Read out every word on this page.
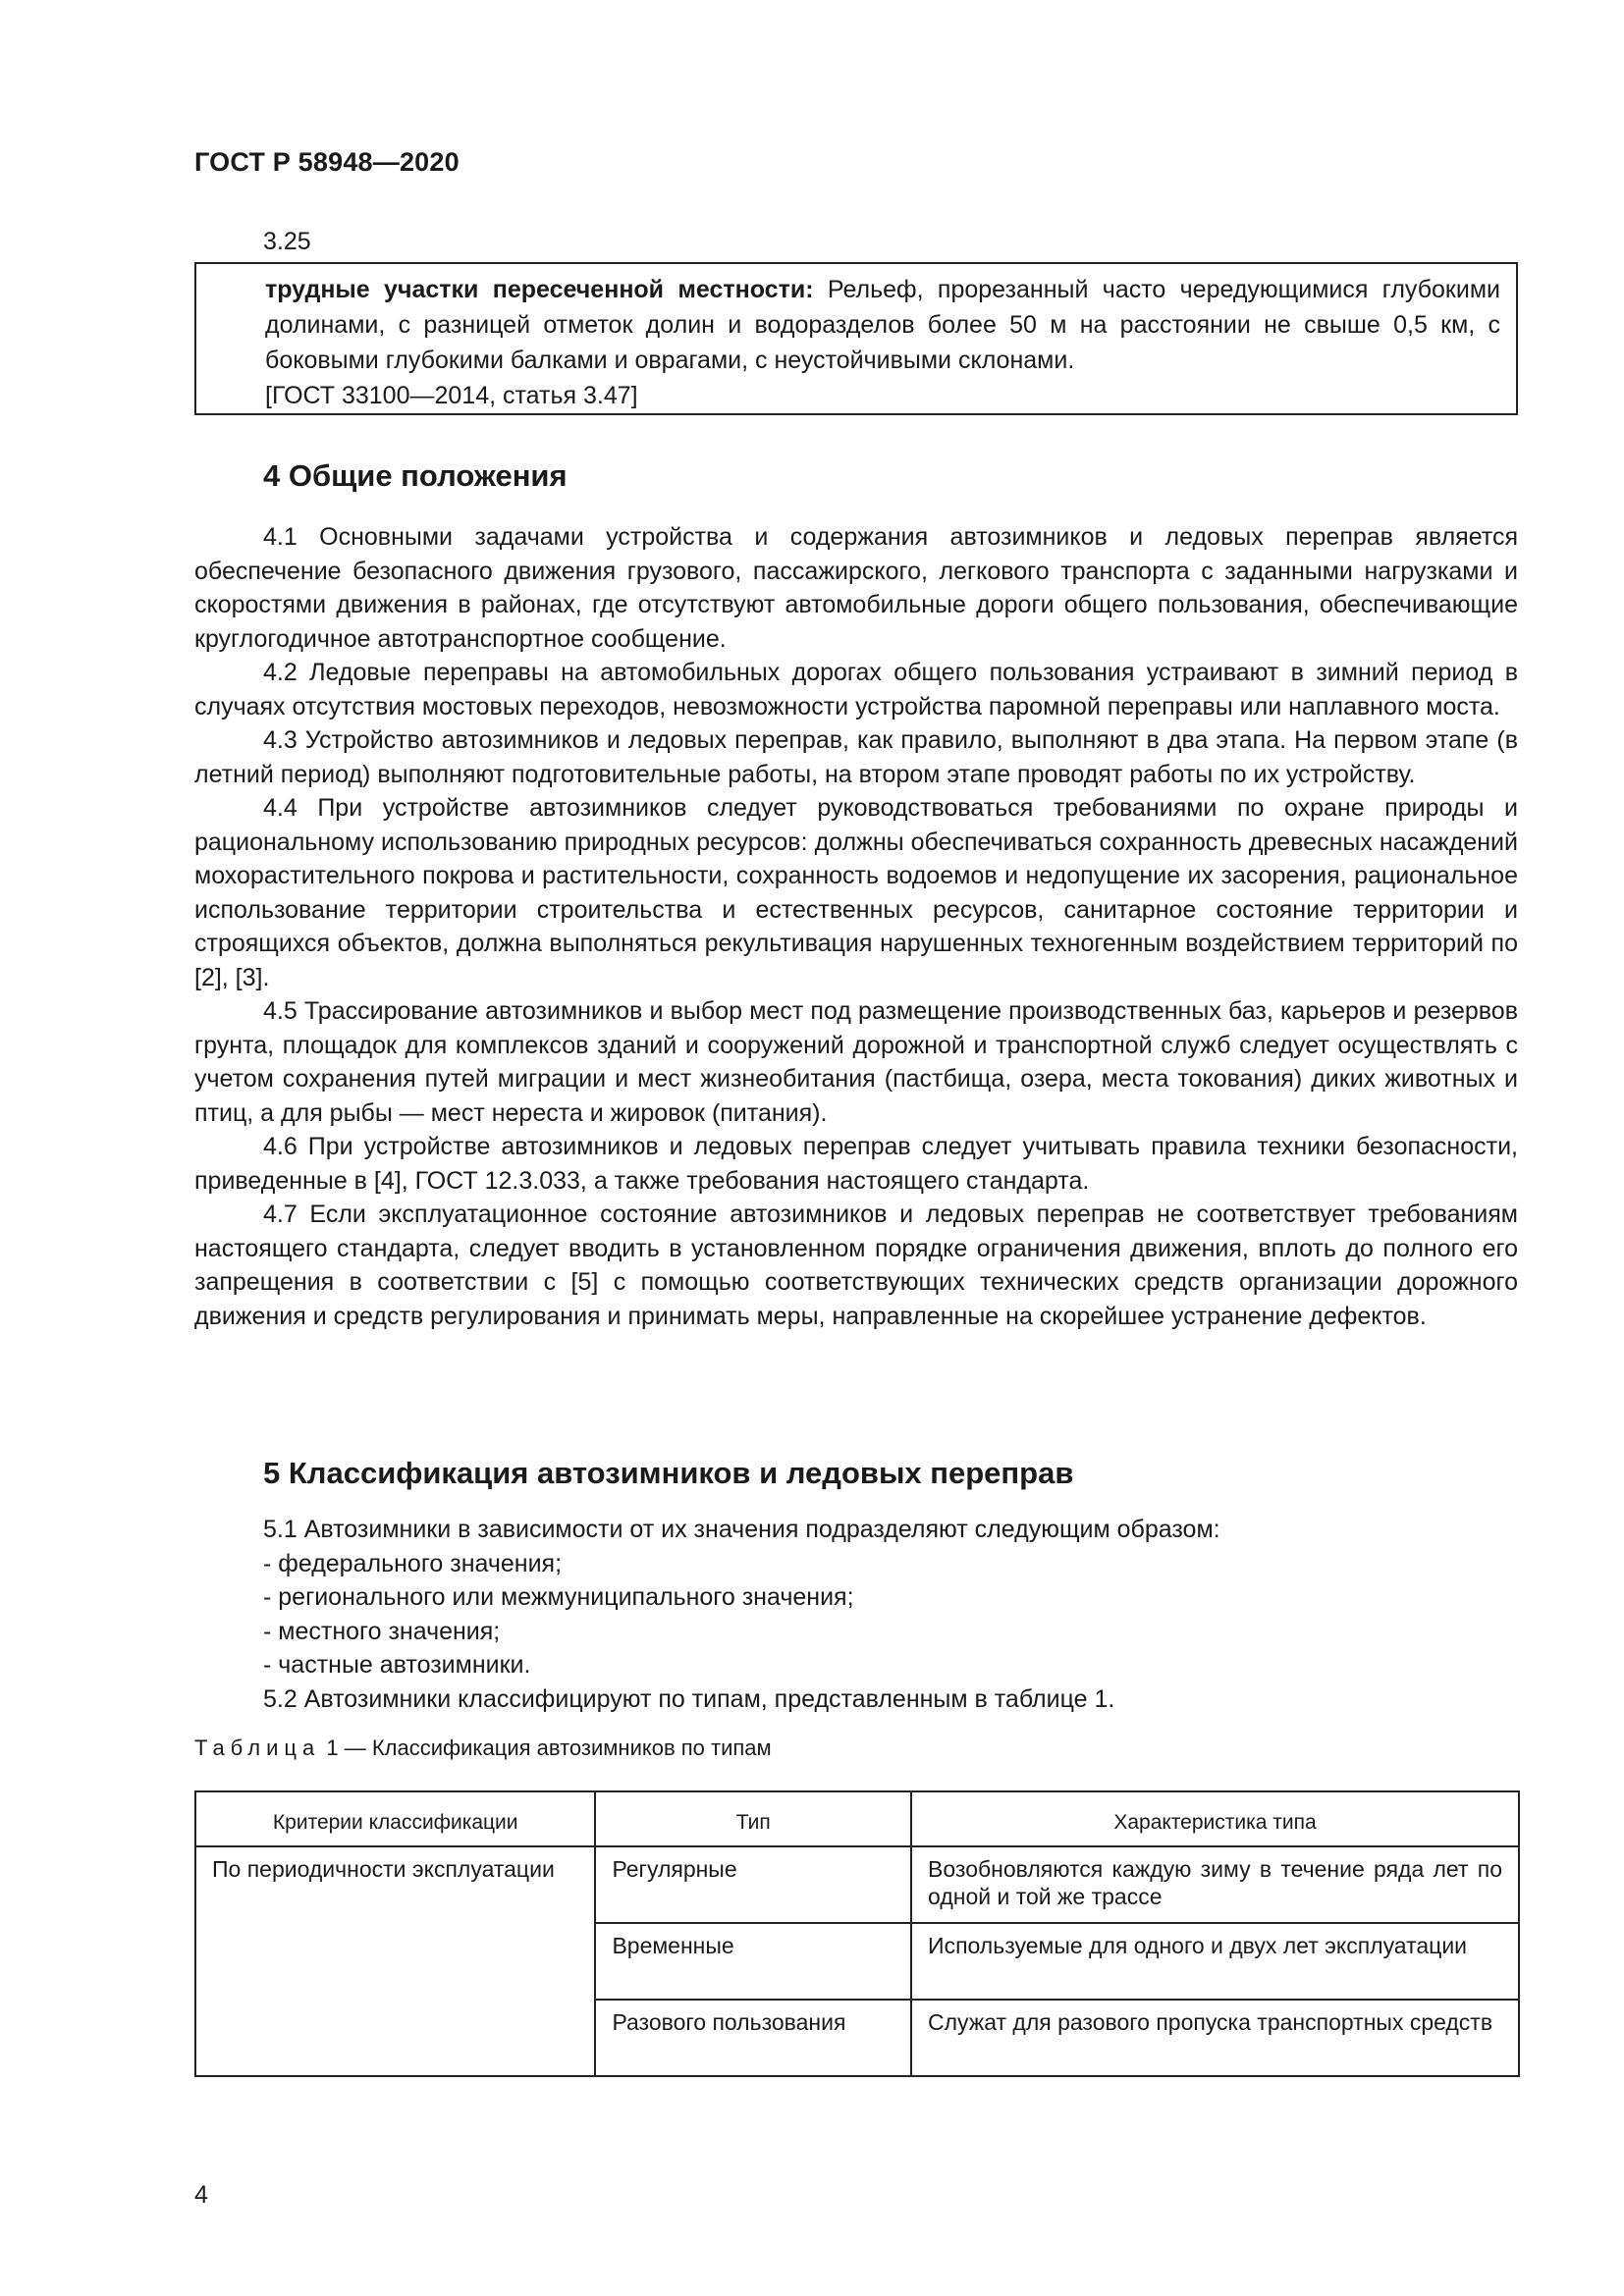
ГОСТ Р 58948—2020
3.25

трудные участки пересеченной местности: Рельеф, прорезанный часто чередующимися глубокими долинами, с разницей отметок долин и водоразделов более 50 м на расстоянии не свыше 0,5 км, с боковыми глубокими балками и оврагами, с неустойчивыми склонами.

[ГОСТ 33100—2014, статья 3.47]

4 Общие положения

4.1 Основными задачами устройства и содержания автозимников и ледовых переправ является обеспечение безопасного движения грузового, пассажирского, легкового транспорта с заданными нагрузками и скоростями движения в районах, где отсутствуют автомобильные дороги общего пользования, обеспечивающие круглогодичное автотранспортное сообщение.

4.2 Ледовые переправы на автомобильных дорогах общего пользования устраивают в зимний период в случаях отсутствия мостовых переходов, невозможности устройства паромной переправы или наплавного моста.

4.3 Устройство автозимников и ледовых переправ, как правило, выполняют в два этапа. На первом этапе (в летний период) выполняют подготовительные работы, на втором этапе проводят работы по их устройству.

4.4 При устройстве автозимников следует руководствоваться требованиями по охране природы и рациональному использованию природных ресурсов: должны обеспечиваться сохранность древесных насаждений мохорастительного покрова и растительности, сохранность водоемов и недопущение их засорения, рациональное использование территории строительства и естественных ресурсов, санитарное состояние территории и строящихся объектов, должна выполняться рекультивация нарушенных техногенным воздействием территорий по [2], [3].

4.5 Трассирование автозимников и выбор мест под размещение производственных баз, карьеров и резервов грунта, площадок для комплексов зданий и сооружений дорожной и транспортной служб следует осуществлять с учетом сохранения путей миграции и мест жизнеобитания (пастбища, озера, места токования) диких животных и птиц, а для рыбы — мест нереста и жировок (питания).

4.6 При устройстве автозимников и ледовых переправ следует учитывать правила техники безопасности, приведенные в [4], ГОСТ 12.3.033, а также требования настоящего стандарта.

4.7 Если эксплуатационное состояние автозимников и ледовых переправ не соответствует требованиям настоящего стандарта, следует вводить в установленном порядке ограничения движения, вплоть до полного его запрещения в соответствии с [5] с помощью соответствующих технических средств организации дорожного движения и средств регулирования и принимать меры, направленные на скорейшее устранение дефектов.

5 Классификация автозимников и ледовых переправ

5.1 Автозимники в зависимости от их значения подразделяют следующим образом:

- федерального значения;

- регионального или межмуниципального значения;

- местного значения;

- частные автозимники.

5.2 Автозимники классифицируют по типам, представленным в таблице 1.

Таблица 1 — Классификация автозимников по типам
Критерии классификации	Тип	Характеристика типа
По периодичности эксплуатации	Регулярные	Возобновляются каждую зиму в течение ряда лет по одной и той же трассе
	Временные	Используемые для одного и двух лет эксплуатации
	Разового пользования	Служат для разового пропуска транспортных средств
4
